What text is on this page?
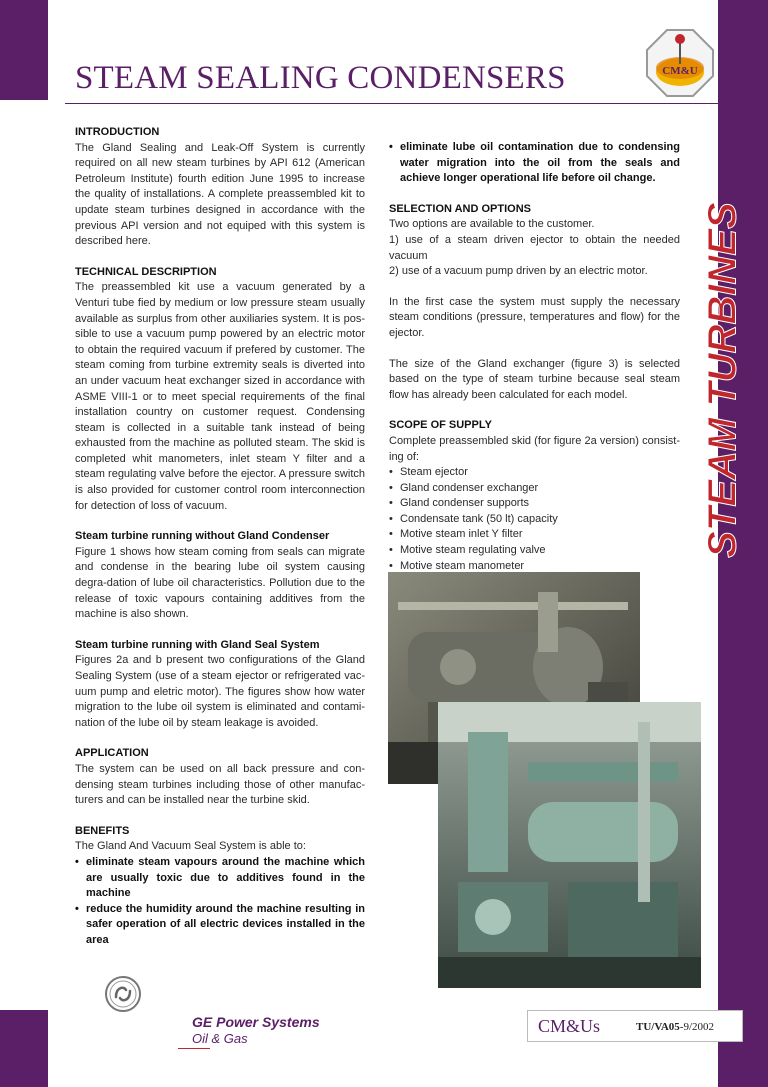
CM&U
STEAM SEALING CONDENSERS
STEAM TURBINES
INTRODUCTION

The Gland Sealing and Leak-Off System is currently required on all new steam turbines by API 612 (American Petroleum Institute) fourth edition June 1995 to increase the quality of installations. A complete preassembled kit to update steam turbines designed in accordance with the previous API version and not equiped with this system is described here.

TECHNICAL DESCRIPTION

The preassembled kit use a vacuum generated by a Venturi tube fied by medium or low pressure steam usually available as surplus from other auxiliaries system. It is pos-sible to use a vacuum pump powered by an electric motor to obtain the required vacuum if prefered by customer. The steam coming from turbine extremity seals is diverted into an under vacuum heat exchanger sized in accordance with ASME VIII-1 or to meet special requirements of the final installation country on customer request. Condensing steam is collected in a suitable tank instead of being exhausted from the machine as polluted steam. The skid is completed whit manometers, inlet steam Y filter and a steam regulating valve before the ejector. A pressure switch is also provided for customer control room interconnection for detection of loss of vacuum.

Steam turbine running without Gland Condenser

Figure 1 shows how steam coming from seals can migrate and condense in the bearing lube oil system causing degra-dation of lube oil characteristics. Pollution due to the release of toxic vapours containing additives from the machine is also shown.

Steam turbine running with Gland Seal System

Figures 2a and b present two configurations of the Gland Sealing System (use of a steam ejector or refrigerated vac-uum pump and eletric motor). The figures show how water migration to the lube oil system is eliminated and contami-nation of the lube oil by steam leakage is avoided.

APPLICATION

The system can be used on all back pressure and con-densing steam turbines including those of other manufac-turers and can be installed near the turbine skid.

BENEFITS

The Gland And Vacuum Seal System is able to:

• eliminate steam vapours around the machine which are usually toxic due to additives found in the machine
• reduce the humidity around the machine resulting in safer operation of all electric devices installed in the area
• eliminate lube oil contamination due to condensing water migration into the oil from the seals and achieve longer operational life before oil change.
SELECTION AND OPTIONS

Two options are available to the customer.

1) use of a steam driven ejector to obtain the needed vacuum
2) use of a vacuum pump driven by an electric motor.

In the first case the system must supply the necessary steam conditions (pressure, temperatures and flow) for the ejector.

The size of the Gland exchanger (figure 3) is selected based on the type of steam turbine because seal steam flow has already been calculated for each model.

SCOPE OF SUPPLY

Complete preassembled skid (for figure 2a version) consist-ing of:

• Steam ejector
• Gland condenser exchanger
• Gland condenser supports
• Condensate tank (50 lt) capacity
• Motive steam inlet Y filter
• Motive steam regulating valve
• Motive steam manometer
GE Power Systems
Oil & Gas
CM&Us	TU/VA05-9/2002
